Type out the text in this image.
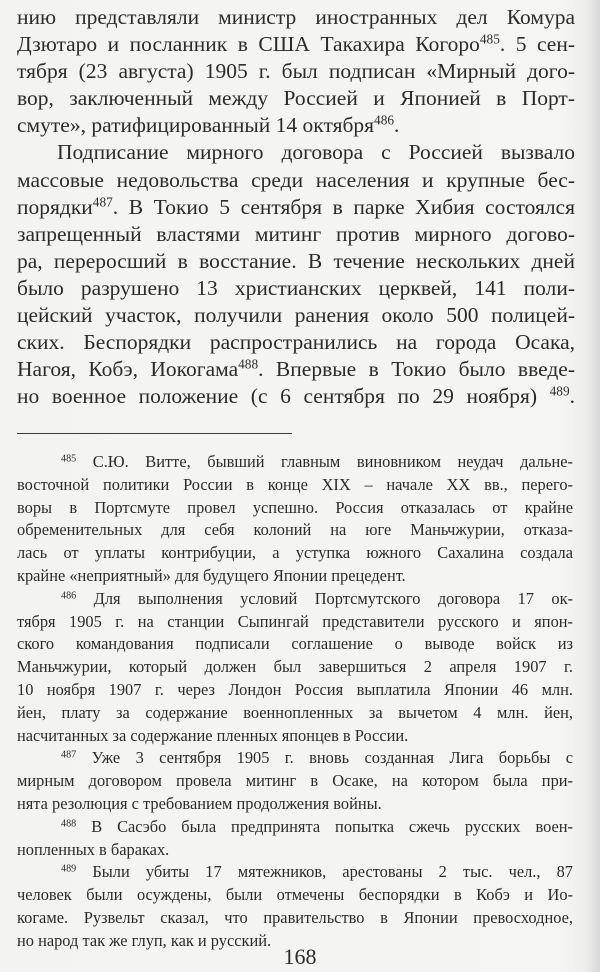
нию представляли министр иностранных дел Комура
Дзютаро и посланник в США Такахира Когоро$^{485}$. 5 сен-
тября (23 августа) 1905 г. был подписан «Мирный дого-
вор, заключенный между Россией и Японией в Порт-
смуте», ратифицированный 14 октября$^{486}$.
Подписание мирного договора с Россией вызвало
массовые недовольства среди населения и крупные бес-
порядки$^{487}$. В Токио 5 сентября в парке Хибия состоялся
запрещенный властями митинг против мирного догово-
ра, переросший в восстание. В течение нескольких дней
было разрушено 13 христианских церквей, 141 поли-
цейский участок, получили ранения около 500 полицей-
ских. Беспорядки распространились на города Осака,
Нагоя, Кобэ, Иокогама$^{488}$. Впервые в Токио было введе-
но военное положение (с 6 сентября по 29 ноября) $^{489}$.
$^{485}$ С.Ю. Витте, бывший главным виновником неудач дальне-
восточной политики России в конце XIX – начале XX вв., перего-
воры в Портсмуте провел успешно. Россия отказалась от крайне
обременительных для себя колоний на юге Маньчжурии, отказа-
лась от уплаты контрибуции, а уступка южного Сахалина создала
крайне «неприятный» для будущего Японии прецедент.
$^{486}$ Для выполнения условий Портсмутского договора 17 ок-
тября 1905 г. на станции Сыпингай представители русского и япон-
ского командования подписали соглашение о выводе войск из
Маньчжурии, который должен был завершиться 2 апреля 1907 г.
10 ноября 1907 г. через Лондон Россия выплатила Японии 46 млн.
йен, плату за содержание военнопленных за вычетом 4 млн. йен,
насчитанных за содержание пленных японцев в России.
$^{487}$ Уже 3 сентября 1905 г. вновь созданная Лига борьбы с
мирным договором провела митинг в Осаке, на котором была при-
нята резолюция с требованием продолжения войны.
$^{488}$ В Сасэбо была предпринята попытка сжечь русских воен-
нопленных в бараках.
$^{489}$ Были убиты 17 мятежников, арестованы 2 тыс. чел., 87
человек были осуждены, были отмечены беспорядки в Кобэ и Ио-
когаме. Рузвельт сказал, что правительство в Японии превосходное,
но народ так же глуп, как и русский.
168
